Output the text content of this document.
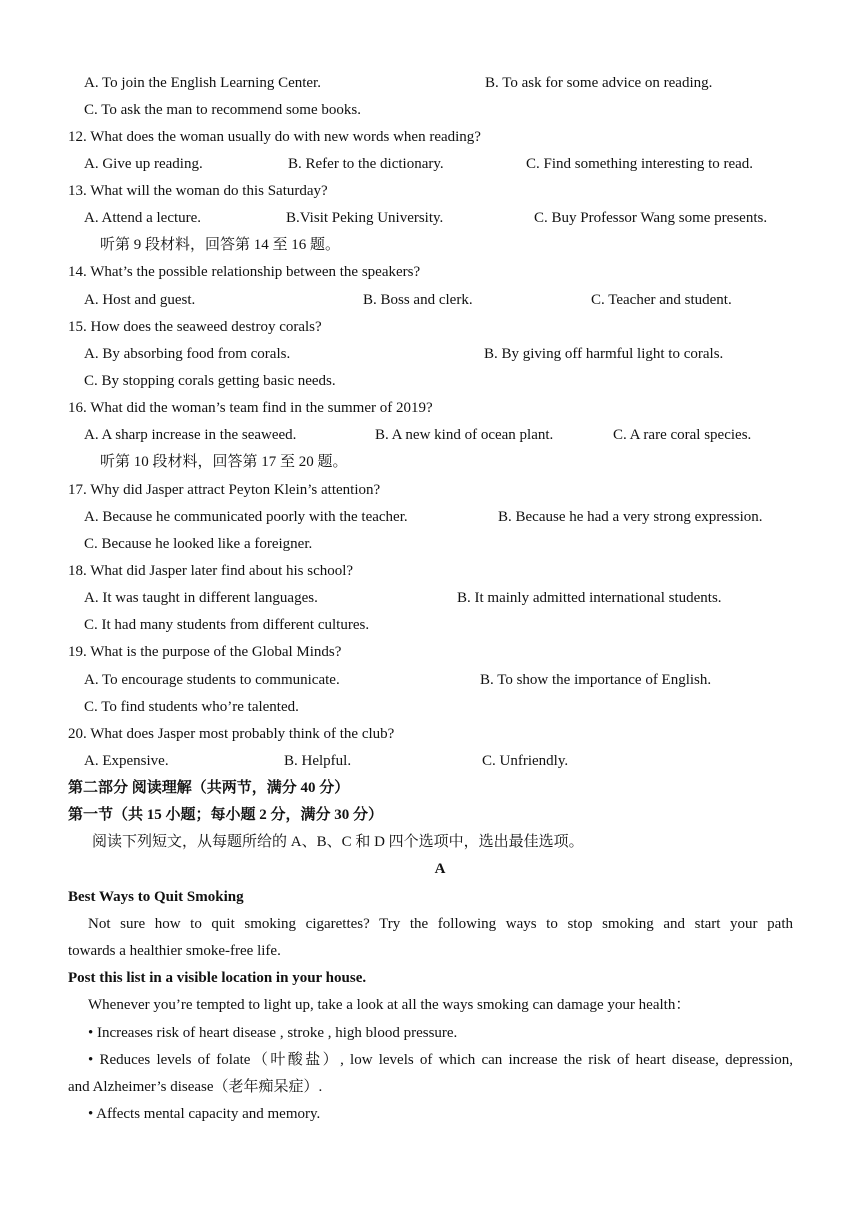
A. To join the English Learning Center.	B. To ask for some advice on reading.
C. To ask the man to recommend some books.
12. What does the woman usually do with new words when reading?
A. Give up reading.	B. Refer to the dictionary.	C. Find something interesting to read.
13. What will the woman do this Saturday?
A. Attend a lecture.	B.Visit Peking University.	C. Buy Professor Wang some presents.
听第 9 段材料，回答第 14 至 16 题。
14. What’s the possible relationship between the speakers?
A. Host and guest.	B. Boss and clerk.	C. Teacher and student.
15. How does the seaweed destroy corals?
A. By absorbing food from corals.	B. By giving off harmful light to corals.
C. By stopping corals getting basic needs.
16. What did the woman’s team find in the summer of 2019?
A. A sharp increase in the seaweed.	B. A new kind of ocean plant.	C. A rare coral species.
听第 10 段材料，回答第 17 至 20 题。
17. Why did Jasper attract Peyton Klein’s attention?
A. Because he communicated poorly with the teacher.	B. Because he had a very strong expression.
C. Because he looked like a foreigner.
18. What did Jasper later find about his school?
A. It was taught in different languages.	B. It mainly admitted international students.
C. It had many students from different cultures.
19. What is the purpose of the Global Minds?
A. To encourage students to communicate.	B. To show the importance of English.
C. To find students who’re talented.
20. What does Jasper most probably think of the club?
A. Expensive.	B. Helpful.	C. Unfriendly.
第二部分 阅读理解（共两节，满分 40 分）
第一节（共 15 小题；每小题 2 分，满分 30 分）
阅读下列短文，从每题所给的 A、B、C 和 D 四个选项中，选出最佳选项。
A
Best Ways to Quit Smoking
Not sure how to quit smoking cigarettes? Try the following ways to stop smoking and start your path
towards a healthier smoke-free life.
Post this list in a visible location in your house.
Whenever you’re tempted to light up, take a look at all the ways smoking can damage your health：
• Increases risk of heart disease , stroke , high blood pressure.
• Reduces levels of folate（叶酸盐）, low levels of which can increase the risk of heart disease, depression,
and Alzheimer’s disease（老年痴呆症）.
• Affects mental capacity and memory.
